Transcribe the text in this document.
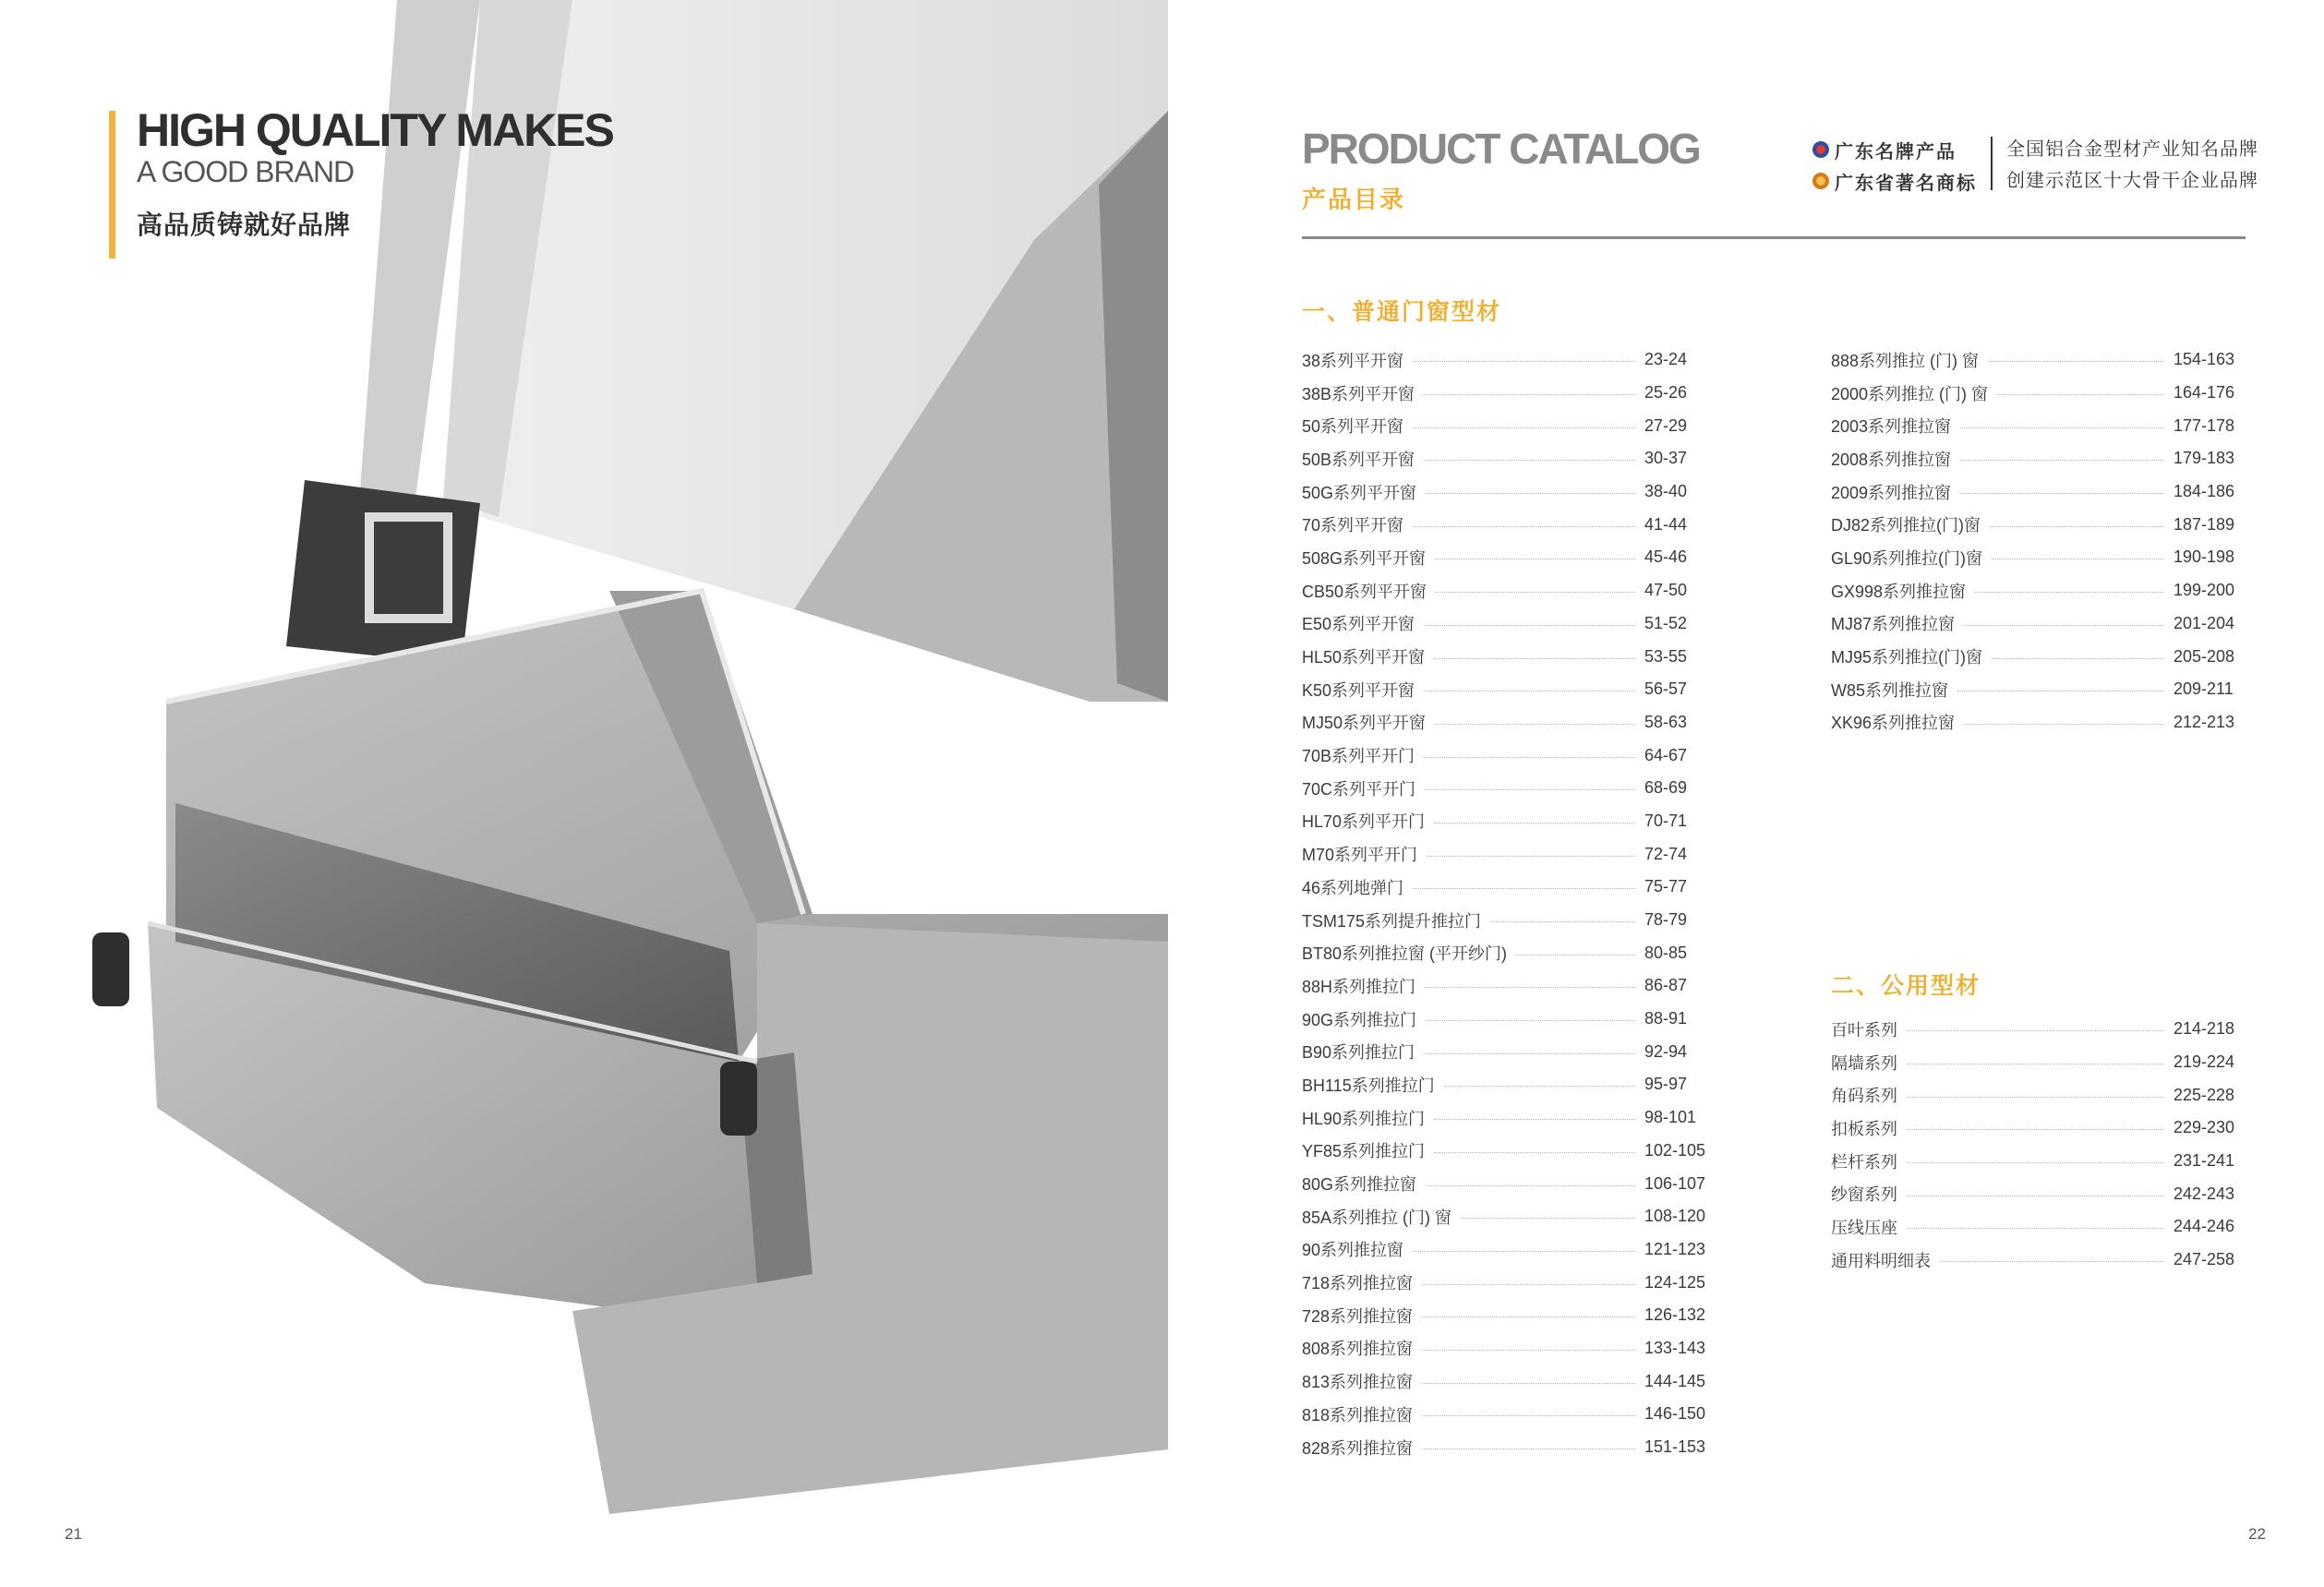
HIGH QUALITY MAKES
A GOOD BRAND
高品质铸就好品牌
21
PRODUCT CATALOG
产品目录
广东名牌产品
广东省著名商标
全国铝合金型材产业知名品牌
创建示范区十大骨干企业品牌
一、普通门窗型材
38系列平开窗	23-24
38B系列平开窗	25-26
50系列平开窗	27-29
50B系列平开窗	30-37
50G系列平开窗	38-40
70系列平开窗	41-44
508G系列平开窗	45-46
CB50系列平开窗	47-50
E50系列平开窗	51-52
HL50系列平开窗	53-55
K50系列平开窗	56-57
MJ50系列平开窗	58-63
70B系列平开门	64-67
70C系列平开门	68-69
HL70系列平开门	70-71
M70系列平开门	72-74
46系列地弹门	75-77
TSM175系列提升推拉门	78-79
BT80系列推拉窗 (平开纱门)	80-85
88H系列推拉门	86-87
90G系列推拉门	88-91
B90系列推拉门	92-94
BH115系列推拉门	95-97
HL90系列推拉门	98-101
YF85系列推拉门	102-105
80G系列推拉窗	106-107
85A系列推拉 (门) 窗	108-120
90系列推拉窗	121-123
718系列推拉窗	124-125
728系列推拉窗	126-132
808系列推拉窗	133-143
813系列推拉窗	144-145
818系列推拉窗	146-150
828系列推拉窗	151-153
888系列推拉 (门) 窗	154-163
2000系列推拉 (门) 窗	164-176
2003系列推拉窗	177-178
2008系列推拉窗	179-183
2009系列推拉窗	184-186
DJ82系列推拉(门)窗	187-189
GL90系列推拉(门)窗	190-198
GX998系列推拉窗	199-200
MJ87系列推拉窗	201-204
MJ95系列推拉(门)窗	205-208
W85系列推拉窗	209-211
XK96系列推拉窗	212-213
二、公用型材
百叶系列	214-218
隔墙系列	219-224
角码系列	225-228
扣板系列	229-230
栏杆系列	231-241
纱窗系列	242-243
压线压座	244-246
通用料明细表	247-258
22
